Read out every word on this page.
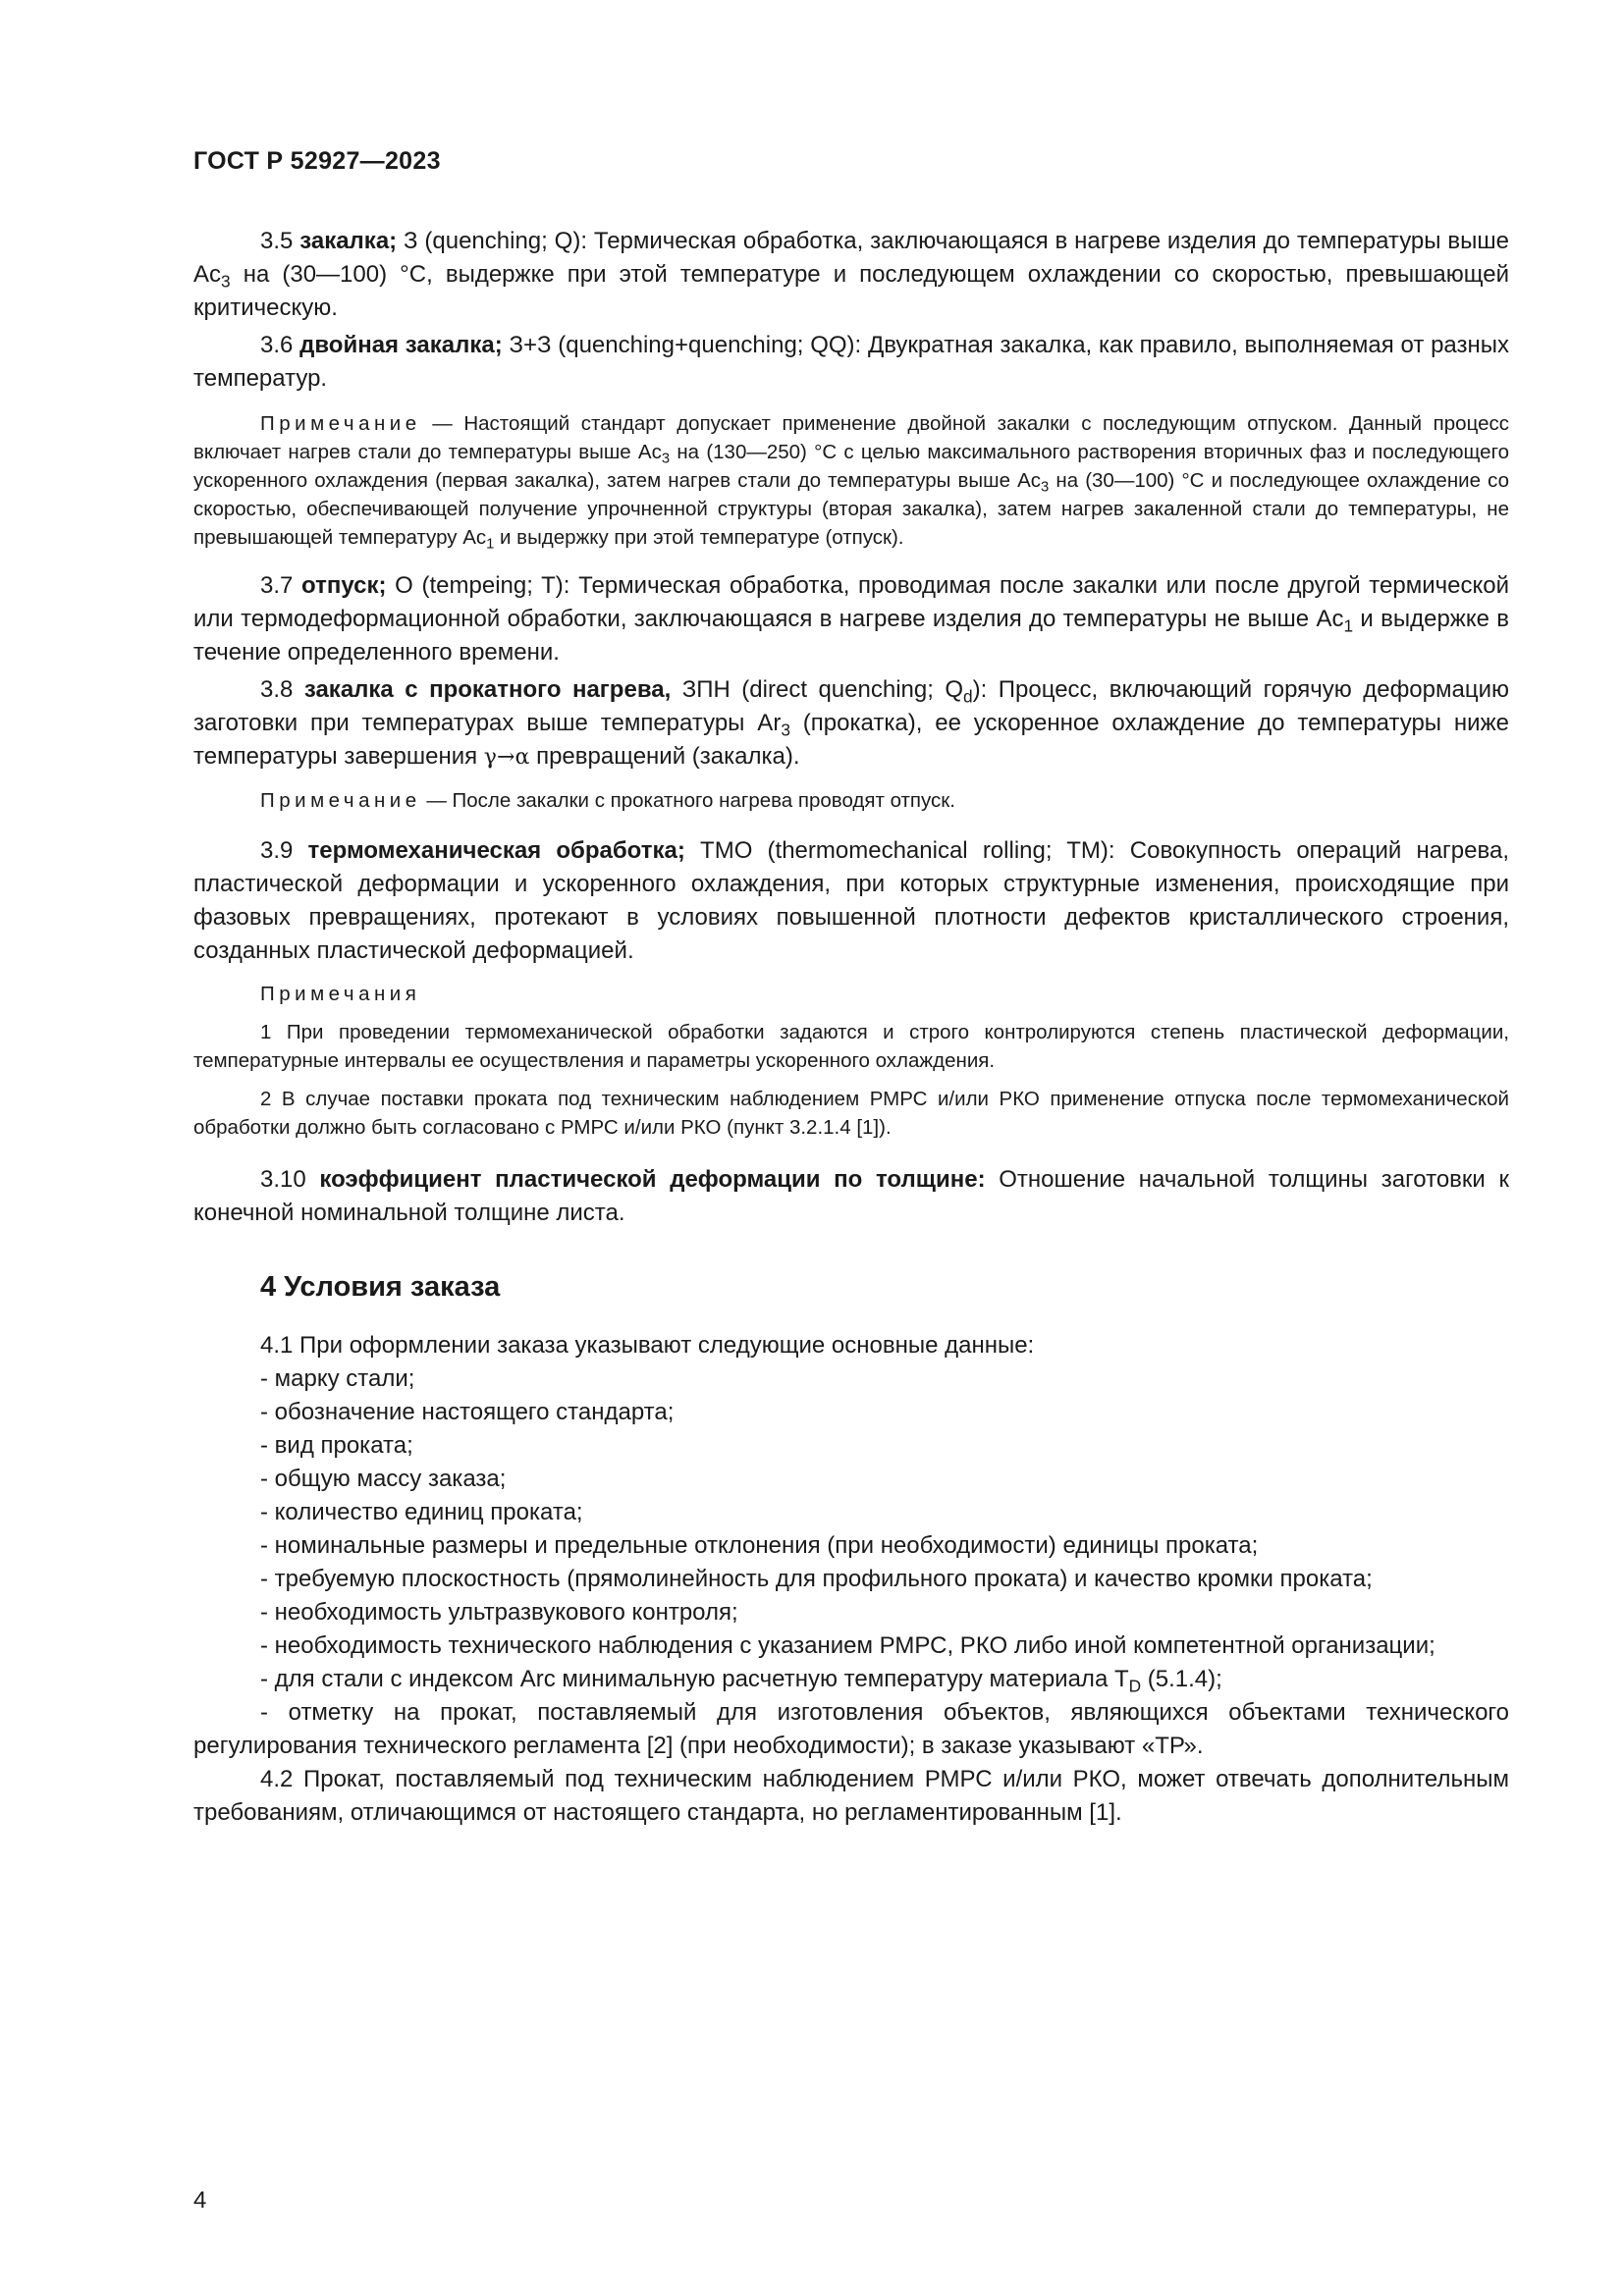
ГОСТ Р 52927—2023

3.5 закалка; З (quenching; Q): Термическая обработка, заключающаяся в нагреве изделия до температуры выше $Ac_3$ на (30—100) °С, выдержке при этой температуре и последующем охлаждении со скоростью, превышающей критическую.

3.6 двойная закалка; З+З (quenching+quenching; QQ): Двукратная закалка, как правило, выполняемая от разных температур.

Примечание — Настоящий стандарт допускает применение двойной закалки с последующим отпуском. Данный процесс включает нагрев стали до температуры выше $Ac_3$ на (130—250) °С с целью максимального растворения вторичных фаз и последующего ускоренного охлаждения (первая закалка), затем нагрев стали до температуры выше $Ac_3$ на (30—100) °С и последующее охлаждение со скоростью, обеспечивающей получение упрочненной структуры (вторая закалка), затем нагрев закаленной стали до температуры, не превышающей температуру $Ac_1$ и выдержку при этой температуре (отпуск).

3.7 отпуск; О (tempeing; T): Термическая обработка, проводимая после закалки или после другой термической или термодеформационной обработки, заключающаяся в нагреве изделия до температуры не выше $Ac_1$ и выдержке в течение определенного времени.

3.8 закалка с прокатного нагрева, ЗПН (direct quenching; $Q_d$): Процесс, включающий горячую деформацию заготовки при температурах выше температуры $Ar_3$ (прокатка), ее ускоренное охлаждение до температуры ниже температуры завершения γ→α превращений (закалка).

Примечание — После закалки с прокатного нагрева проводят отпуск.

3.9 термомеханическая обработка; ТМО (thermomechanical rolling; TM): Совокупность операций нагрева, пластической деформации и ускоренного охлаждения, при которых структурные изменения, происходящие при фазовых превращениях, протекают в условиях повышенной плотности дефектов кристаллического строения, созданных пластической деформацией.

Примечания

1 При проведении термомеханической обработки задаются и строго контролируются степень пластической деформации, температурные интервалы ее осуществления и параметры ускоренного охлаждения.

2 В случае поставки проката под техническим наблюдением РМРС и/или РКО применение отпуска после термомеханической обработки должно быть согласовано с РМРС и/или РКО (пункт 3.2.1.4 [1]).

3.10 коэффициент пластической деформации по толщине: Отношение начальной толщины заготовки к конечной номинальной толщине листа.

4 Условия заказа

4.1 При оформлении заказа указывают следующие основные данные:

- марку стали;

- обозначение настоящего стандарта;

- вид проката;

- общую массу заказа;

- количество единиц проката;

- номинальные размеры и предельные отклонения (при необходимости) единицы проката;

- требуемую плоскостность (прямолинейность для профильного проката) и качество кромки проката;

- необходимость ультразвукового контроля;

- необходимость технического наблюдения с указанием РМРС, РКО либо иной компетентной организации;

- для стали с индексом Arc минимальную расчетную температуру материала $T_D$ (5.1.4);

- отметку на прокат, поставляемый для изготовления объектов, являющихся объектами технического регулирования технического регламента [2] (при необходимости); в заказе указывают «ТР».

4.2 Прокат, поставляемый под техническим наблюдением РМРС и/или РКО, может отвечать дополнительным требованиям, отличающимся от настоящего стандарта, но регламентированным [1].

4
